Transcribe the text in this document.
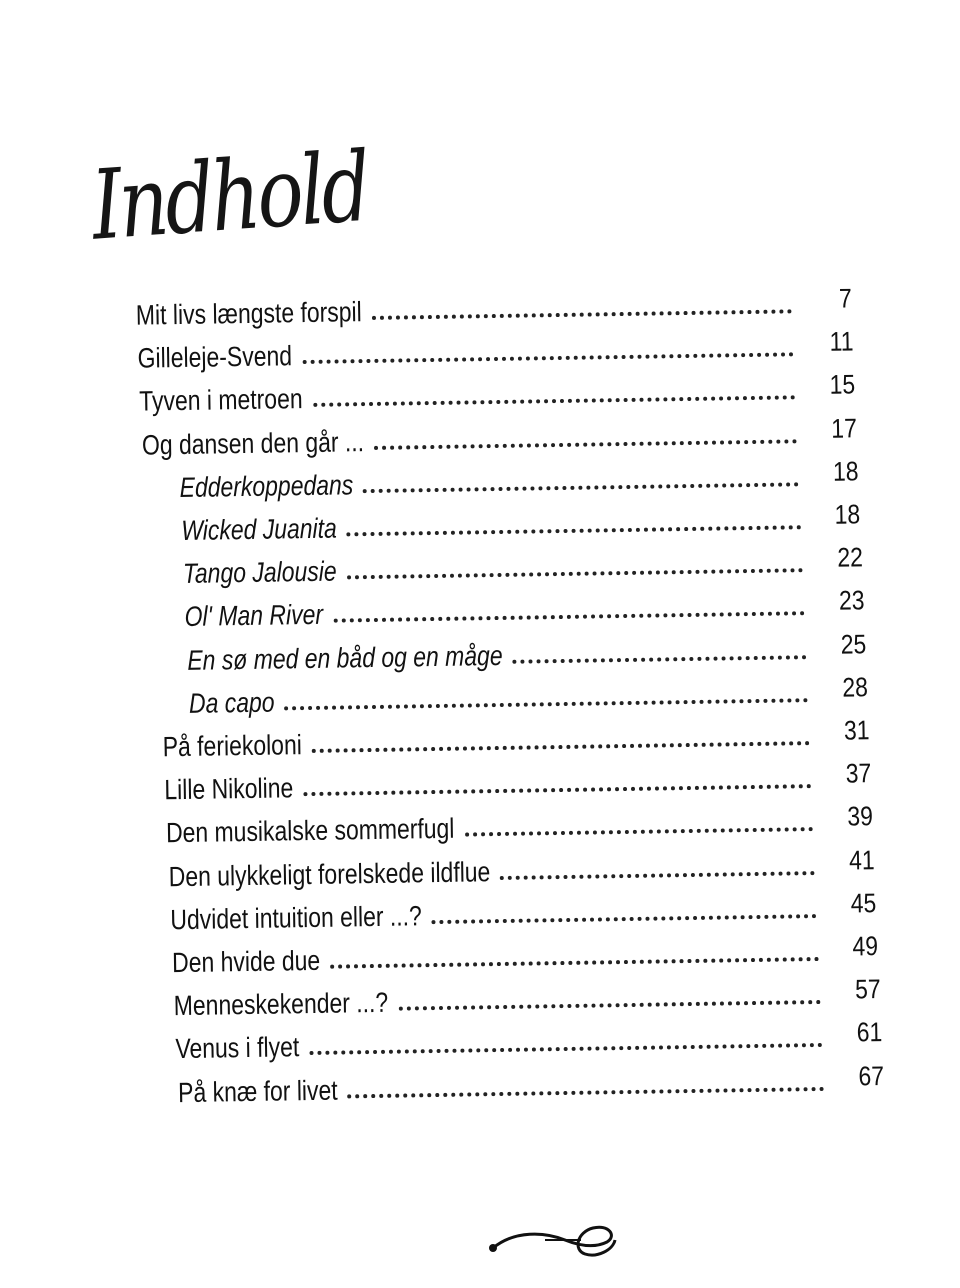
Indhold
Mit livs længste forspil	7
Gilleleje-Svend	11
Tyven i metroen	15
Og dansen den går ...	17
Edderkoppedans	18
Wicked Juanita	18
Tango Jalousie	22
Ol' Man River	23
En sø med en båd og en måge	25
Da capo	28
På feriekoloni	31
Lille Nikoline	37
Den musikalske sommerfugl	39
Den ulykkeligt forelskede ildflue	41
Udvidet intuition eller ...?	45
Den hvide due	49
Menneskekender ...?	57
Venus i flyet	61
På knæ for livet	67
